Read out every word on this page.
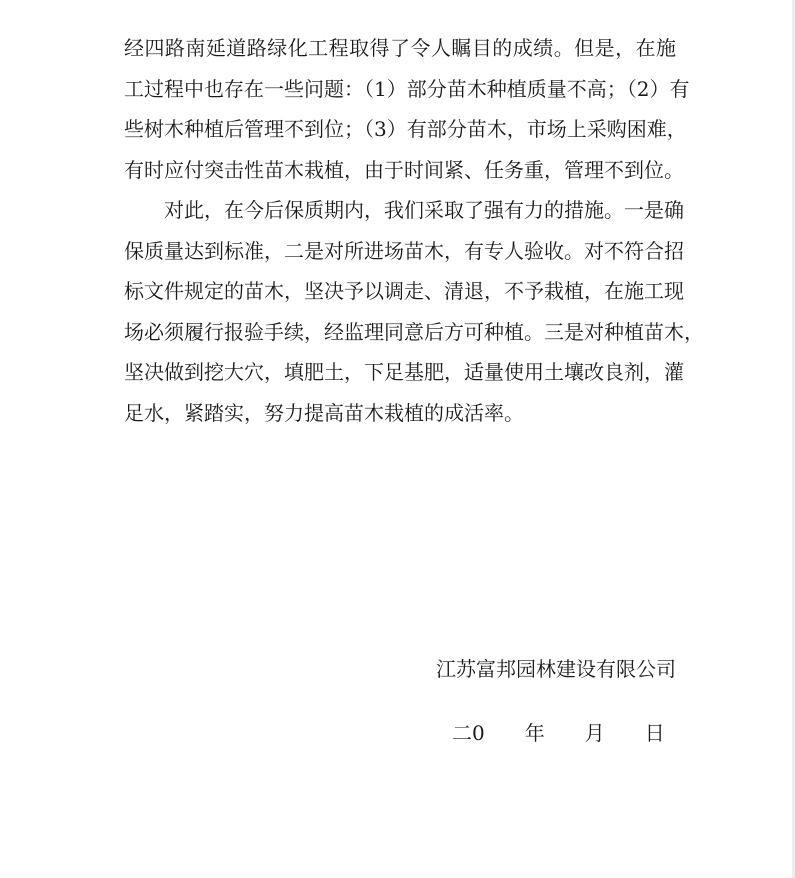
经四路南延道路绿化工程取得了令人瞩目的成绩。但是，在施
工过程中也存在一些问题：（1）部分苗木种植质量不高；（2）有
些树木种植后管理不到位；（3）有部分苗木，市场上采购困难，
有时应付突击性苗木栽植，由于时间紧、任务重，管理不到位。
对此，在今后保质期内，我们采取了强有力的措施。一是确
保质量达到标准，二是对所进场苗木，有专人验收。对不符合招
标文件规定的苗木，坚决予以调走、清退，不予栽植，在施工现
场必须履行报验手续，经监理同意后方可种植。三是对种植苗木，
坚决做到挖大穴，填肥土，下足基肥，适量使用土壤改良剂，灌
足水，紧踏实，努力提高苗木栽植的成活率。
江苏富邦园林建设有限公司
二0　　年　　月　　日
